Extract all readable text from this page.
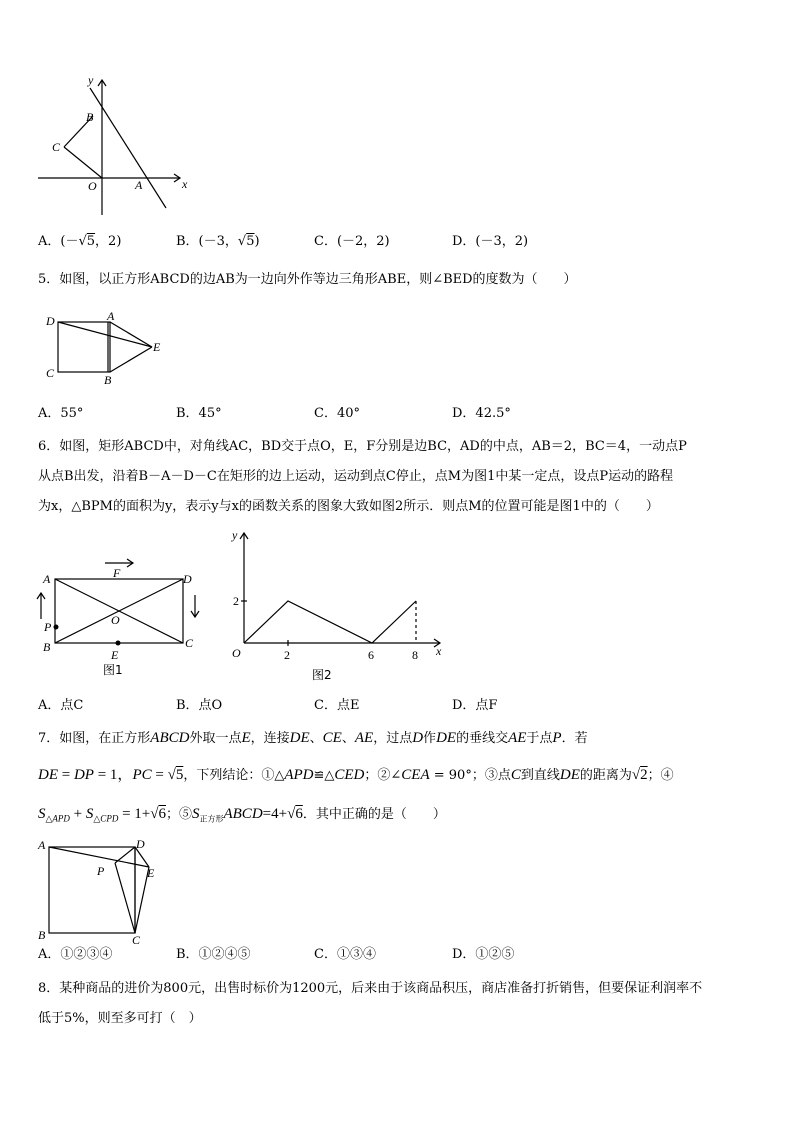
y
x
B
C
O	A
A．(－√5，2)	B．(－3，√5)	C．(－2，2)	D．(－3，2)
5．如图，以正方形ABCD的边AB为一边向外作等边三角形ABE，则∠BED的度数为（　　）
D	A
E
C	B
A．55°	B．45°	C．40°	D．42.5°
6．如图，矩形ABCD中，对角线AC，BD交于点O，E，F分别是边BC，AD的中点，AB＝2，BC＝4，一动点P
从点B出发，沿着B－A－D－C在矩形的边上运动，运动到点C停止，点M为图1中某一定点，设点P运动的路程
为x，△BPM的面积为y，表示y与x的函数关系的图象大致如图2所示．则点M的位置可能是图1中的（　　）
A	F	D
P	O
B
E
C
图1
y
x
O
2
2	6	8
图2
A．点C	B．点O	C．点E	D．点F
7．如图，在正方形ABCD外取一点E，连接DE、CE、AE，过点D作DE的垂线交AE于点P．若
DE = DP = 1，PC = √5，下列结论：①△APD≌△CED；②∠CEA = 90°；③点C到直线DE的距离为√2；④
$S_{\triangle APD} + S_{\triangle CPD} = 1+√6$；$⑤S_{正方形}ABCD=4+√6$．其中正确的是（　　）
A	D
P	E
B	C
A．①②③④	B．①②④⑤	C．①③④	D．①②⑤
8．某种商品的进价为800元，出售时标价为1200元，后来由于该商品积压，商店准备打折销售，但要保证利润率不
低于5%，则至多可打（　）
